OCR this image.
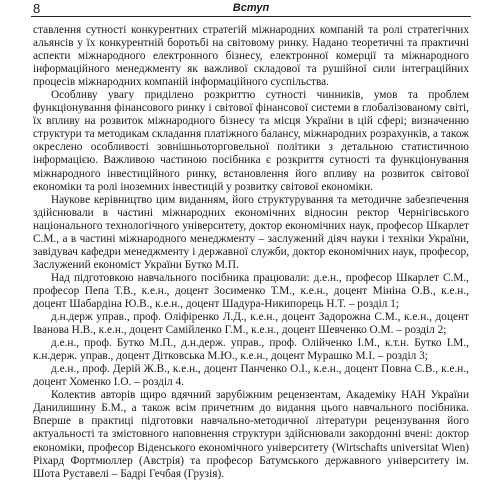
8	Вступ

ставлення сутності конкурентних стратегій міжнародних компаній та ролі стратегічних альянсів у їх конкурентній боротьбі на світовому ринку. Надано теоретичні та практичні аспекти міжнародного електронного бізнесу, електронної комерції та міжнародного інформаційного менеджменту як важливої складової та рушійної сили інтеграційних процесів міжнародних компаній інформаційного суспільства.

Особливу увагу приділено розкриттю сутності чинників, умов та проблем функціонування фінансового ринку і світової фінансової системи в глобалізованому світі, їх впливу на розвиток міжнародного бізнесу та місця України в цій сфері; визначенню структури та методикам складання платіжного балансу, міжнародних розрахунків, а також окреслено особливості зовнішньоторговельної політики з детальною статистичною інформацією. Важливою частиною посібника є розкриття сутності та функціонування міжнародного інвестиційного ринку, встановлення його впливу на розвиток світової економіки та ролі іноземних інвестицій у розвитку світової економіки.

Наукове керівництво цим виданням, його структурування та методичне забезпечення здійснювали в частині міжнародних економічних відносин ректор Чернігівського національного технологічного університету, доктор економічних наук, професор Шкарлет С.М., а в частині міжнародного менеджменту – заслужений діяч науки і техніки України, завідувач кафедри менеджменту і державної служби, доктор економічних наук, професор, Заслужений економіст України Бутко М.П.

Над підготовкою навчального посібника працювали: д.е.н., професор Шкарлет С.М., професор Пепа Т.В., к.е.н., доцент Зосименко Т.М., к.е.н., доцент Мініна О.В., к.е.н., доцент Шабардіна Ю.В., к.е.н., доцент Шадура-Никипорець Н.Т. – розділ 1;

д.н.держ управ., проф. Оліфіренко Л.Д., к.е.н., доцент Задорожна С.М., к.е.н., доцент Іванова Н.В., к.е.н., доцент Самійленко Г.М., к.е.н., доцент Шевченко О.М. – розділ 2;

д.е.н., проф. Бутко М.П., д.н.держ. управ., проф. Олійченко І.М., к.т.н. Бутко І.М., к.н.держ. управ., доцент Дітковська М.Ю., к.е.н., доцент Мурашко М.І. – розділ 3;

д.е.н., проф. Дерій Ж.В., к.е.н., доцент Панченко О.І., к.е.н., доцент Повна С.В., к.е.н., доцент Хоменко І.О. – розділ 4.

Колектив авторів щиро вдячний зарубіжним рецензентам, Академіку НАН України Данилишину Б.М., а також всім причетним до видання цього навчального посібника. Вперше в практиці підготовки навчально-методичної літератури рецензування його актуальності та змістовного наповнення структури здійснювали закордонні вчені: доктор економіки, професор Віденського економічного університету (Wirtschafts universitat Wien) Ріхард Фортмюллер (Австрія) та професор Батумського державного університету ім. Шота Руставелі – Бадрі Гечбая (Грузія).
